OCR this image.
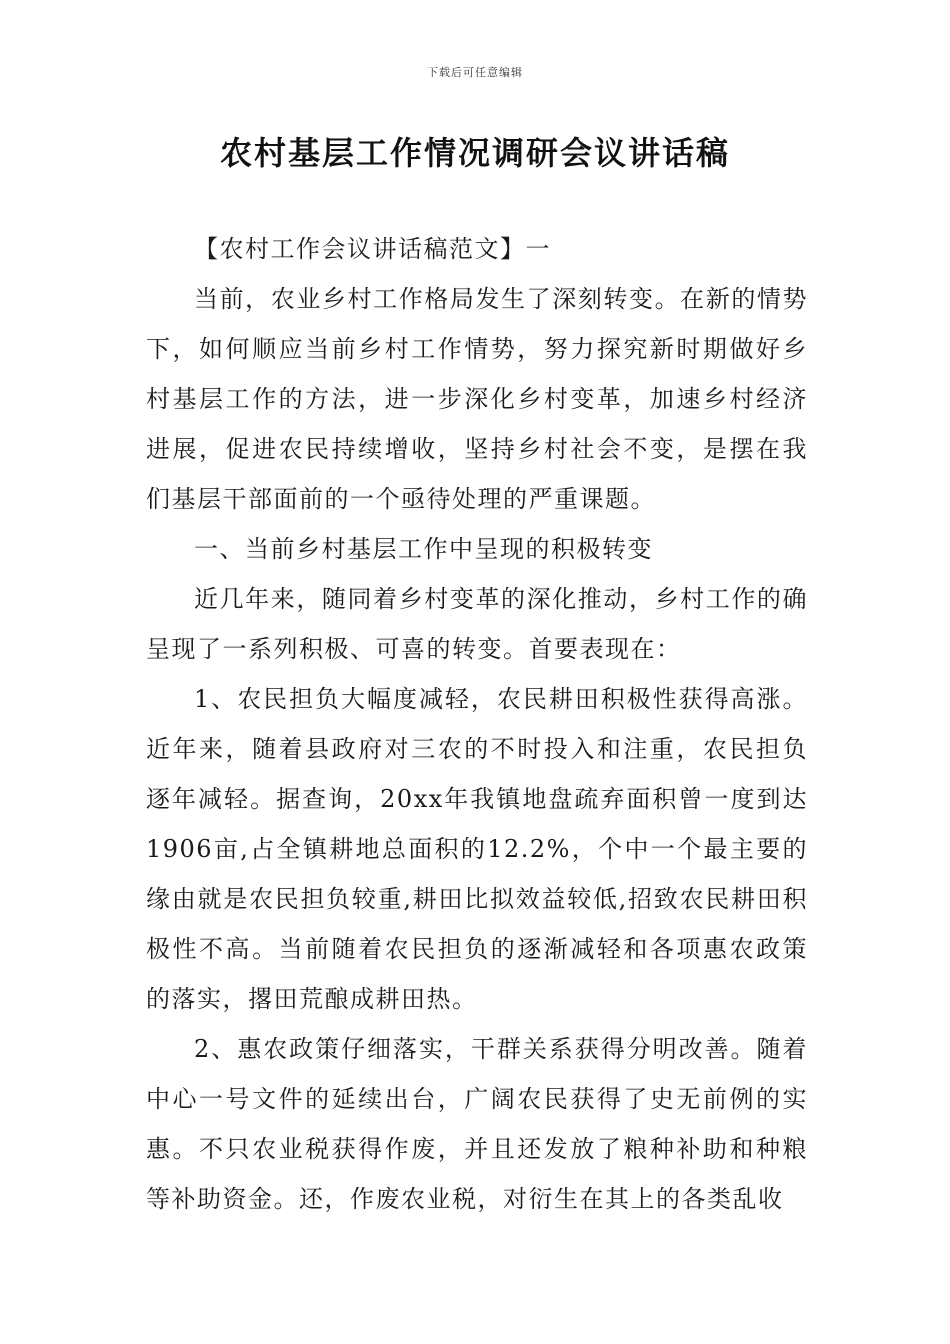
下载后可任意编辑
农村基层工作情况调研会议讲话稿

【农村工作会议讲话稿范文】一

当前，农业乡村工作格局发生了深刻转变。在新的情势下，如何顺应当前乡村工作情势，努力探究新时期做好乡村基层工作的方法，进一步深化乡村变革，加速乡村经济进展，促进农民持续增收，坚持乡村社会不变，是摆在我们基层干部面前的一个亟待处理的严重课题。

一、当前乡村基层工作中呈现的积极转变

近几年来，随同着乡村变革的深化推动，乡村工作的确呈现了一系列积极、可喜的转变。首要表现在：

1、农民担负大幅度减轻，农民耕田积极性获得高涨。近年来，随着县政府对三农的不时投入和注重，农民担负逐年减轻。据查询，20xx年我镇地盘疏弃面积曾一度到达1906亩,占全镇耕地总面积的12.2%，个中一个最主要的缘由就是农民担负较重,耕田比拟效益较低,招致农民耕田积极性不高。当前随着农民担负的逐渐减轻和各项惠农政策的落实，撂田荒酿成耕田热。

2、惠农政策仔细落实，干群关系获得分明改善。随着中心一号文件的延续出台，广阔农民获得了史无前例的实惠。不只农业税获得作废，并且还发放了粮种补助和种粮等补助资金。还，作废农业税，对衍生在其上的各类乱收
